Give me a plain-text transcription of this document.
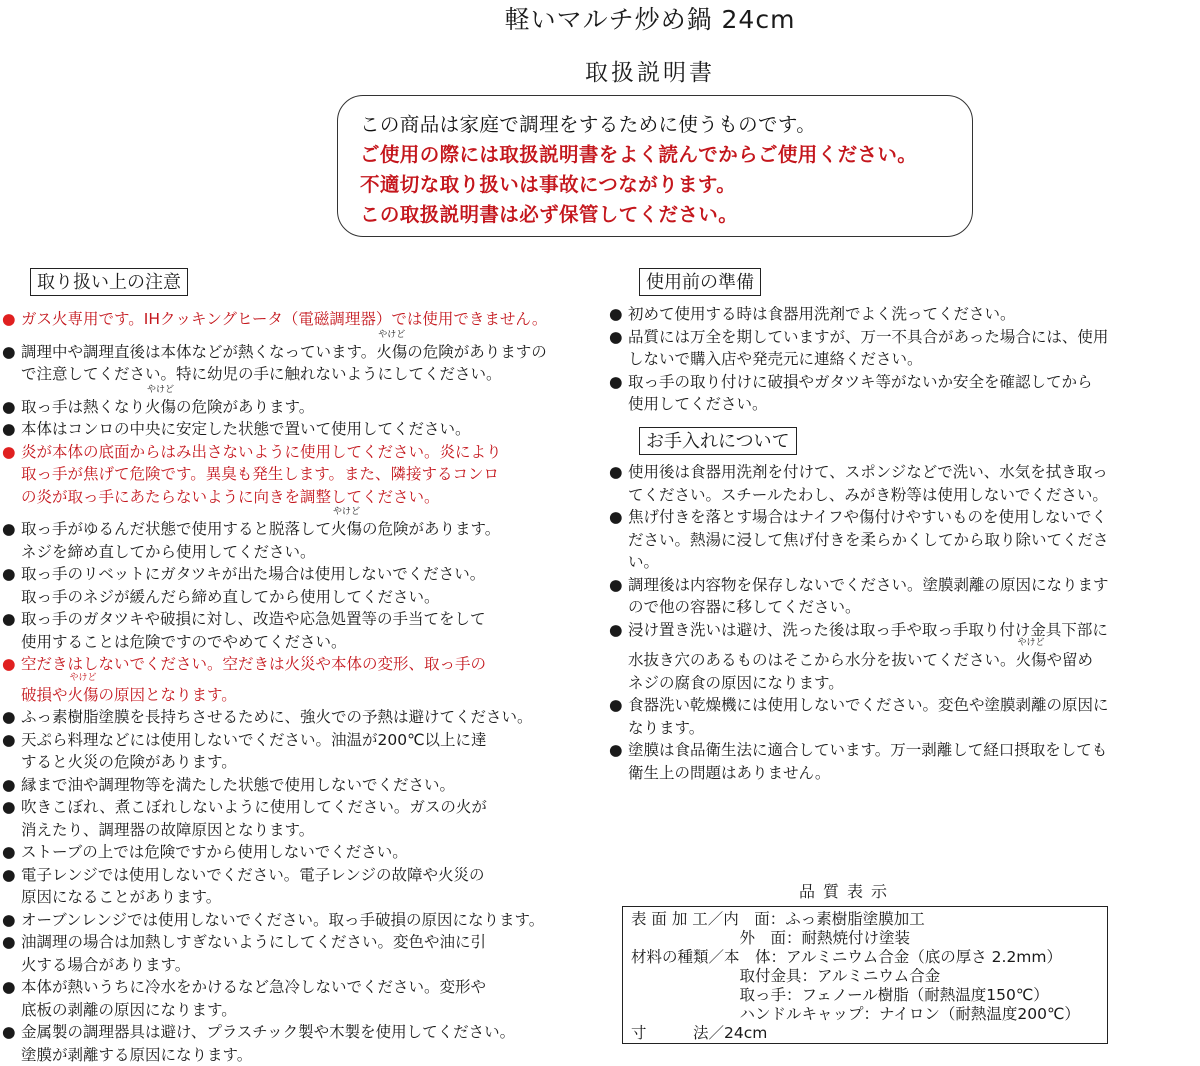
軽いマルチ炒め鍋 24cm
取扱説明書
この商品は家庭で調理をするために使うものです。
ご使用の際には取扱説明書をよく読んでからご使用ください。
不適切な取り扱いは事故につながります。
この取扱説明書は必ず保管してください。
取り扱い上の注意
● ガス火専用です。IHクッキングヒータ（電磁調理器）では使用できません。

● 調理中や調理直後は本体などが熱くなっています。
やけど
火傷の危険がありますの

で注意してください。特に幼児の手に触れないようにしてください。

● 取っ手は熱くなり
やけど
火傷の危険があります。

● 本体はコンロの中央に安定した状態で置いて使用してください。

● 炎が本体の底面からはみ出さないように使用してください。炎により

取っ手が焦げて危険です。異臭も発生します。また、隣接するコンロ

の炎が取っ手にあたらないように向きを調整してください。

● 取っ手がゆるんだ状態で使用すると脱落して
やけど
火傷の危険があります。

ネジを締め直してから使用してください。

● 取っ手のリベットにガタツキが出た場合は使用しないでください。

取っ手のネジが緩んだら締め直してから使用してください。

● 取っ手のガタツキや破損に対し、改造や応急処置等の手当てをして

使用することは危険ですのでやめてください。

● 空だきはしないでください。空だきは火災や本体の変形、取っ手の

破損や
やけど
火傷の原因となります。

● ふっ素樹脂塗膜を長持ちさせるために、強火での予熱は避けてください。

● 天ぷら料理などには使用しないでください。油温が200℃以上に達

すると火災の危険があります。

● 縁まで油や調理物等を満たした状態で使用しないでください。

● 吹きこぼれ、煮こぼれしないように使用してください。ガスの火が

消えたり、調理器の故障原因となります。

● ストーブの上では危険ですから使用しないでください。

● 電子レンジでは使用しないでください。電子レンジの故障や火災の

原因になることがあります。

● オーブンレンジでは使用しないでください。取っ手破損の原因になります。

● 油調理の場合は加熱しすぎないようにしてください。変色や油に引

火する場合があります。

● 本体が熱いうちに冷水をかけるなど急冷しないでください。変形や

底板の剥離の原因になります。

● 金属製の調理器具は避け、プラスチック製や木製を使用してください。

塗膜が剥離する原因になります。

使用前の準備
● 初めて使用する時は食器用洗剤でよく洗ってください。

● 品質には万全を期していますが、万一不具合があった場合には、使用

しないで購入店や発売元に連絡ください。

● 取っ手の取り付けに破損やガタツキ等がないか安全を確認してから

使用してください。

お手入れについて
● 使用後は食器用洗剤を付けて、スポンジなどで洗い、水気を拭き取っ

てください。スチールたわし、みがき粉等は使用しないでください。

● 焦げ付きを落とす場合はナイフや傷付けやすいものを使用しないでく

ださい。熱湯に浸して焦げ付きを柔らかくしてから取り除いてくださ

い。

● 調理後は内容物を保存しないでください。塗膜剥離の原因になります

ので他の容器に移してください。

● 浸け置き洗いは避け、洗った後は取っ手や取っ手取り付け金具下部に

水抜き穴のあるものはそこから水分を抜いてください。
やけど
火傷や留め

ネジの腐食の原因になります。

● 食器洗い乾燥機には使用しないでください。変色や塗膜剥離の原因に

なります。

● 塗膜は食品衛生法に適合しています。万一剥離して経口摂取をしても

衛生上の問題はありません。

品質表示

表 面 加 工／内　面：ふっ素樹脂塗膜加工

　　　　　　　外　面：耐熱焼付け塗装

材料の種類／本　体：アルミニウム合金（底の厚さ 2.2mm）

　　　　　　　取付金具：アルミニウム合金

　　　　　　　取っ手：フェノール樹脂（耐熱温度150℃）

　　　　　　　ハンドルキャップ：ナイロン（耐熱温度200℃）

寸　　　法／24cm
